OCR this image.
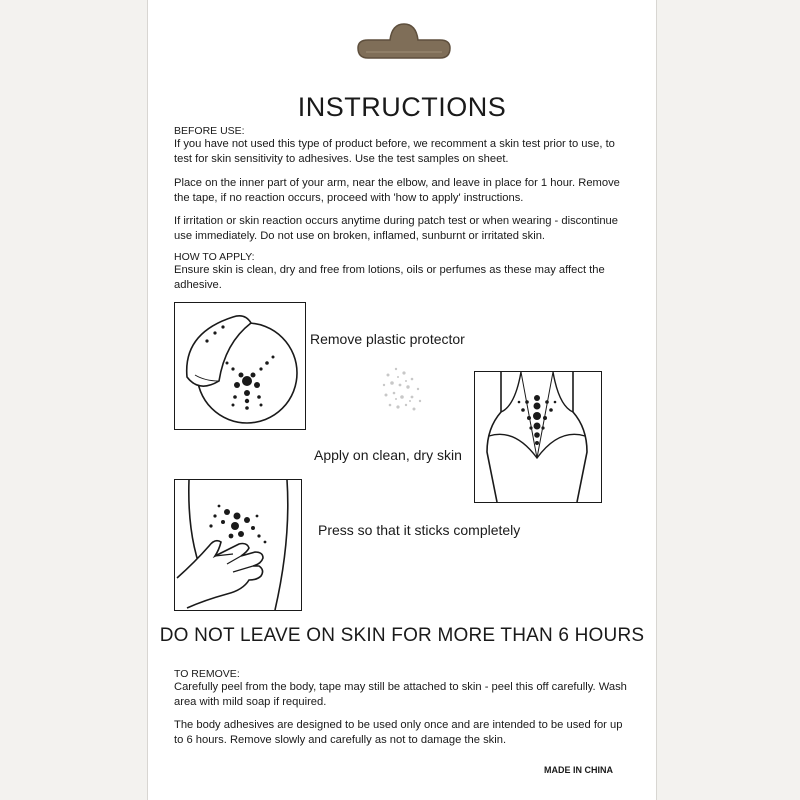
INSTRUCTIONS

BEFORE USE:

If you have not used this type of product before, we recomment a skin test prior to use, to test for skin sensitivity to adhesives. Use the test samples on sheet.

Place on the inner part of your arm, near the elbow, and leave in place for 1 hour. Remove the tape, if no reaction occurs, proceed with 'how to apply' instructions.

If irritation or skin reaction occurs anytime during patch test or when wearing - discontinue use immediately. Do not use on broken, inflamed, sunburnt or irritated skin.

HOW TO APPLY:

Ensure skin is clean, dry and free from lotions, oils or perfumes as these may affect the adhesive.

Remove plastic protector
Apply on clean, dry skin
Press so that it sticks completely
DO NOT LEAVE ON SKIN FOR MORE THAN 6 HOURS

TO REMOVE:

Carefully peel from the body, tape may still be attached to skin - peel this off carefully. Wash area with mild soap if required.

The body adhesives are designed to be used only once and are intended to be used for up to 6 hours. Remove slowly and carefully as not to damage the skin.

MADE IN CHINA
